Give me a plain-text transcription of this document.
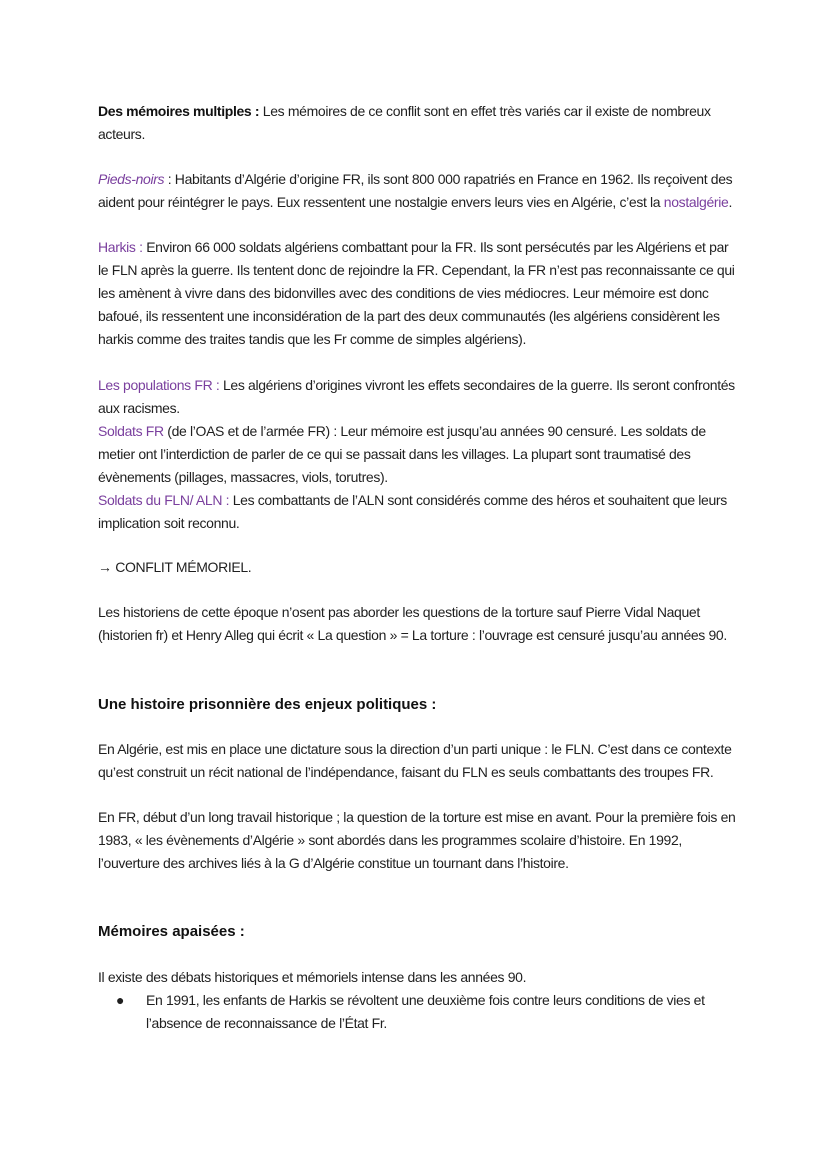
Des mémoires multiples : Les mémoires de ce conflit sont en effet très variés car il existe de nombreux acteurs.

Pieds-noirs : Habitants d’Algérie d’origine FR, ils sont 800 000 rapatriés en France en 1962. Ils reçoivent des aident pour réintégrer le pays. Eux ressentent une nostalgie envers leurs vies en Algérie, c’est la nostalgérie.

Harkis : Environ 66 000 soldats algériens combattant pour la FR. Ils sont persécutés par les Algériens et par le FLN après la guerre. Ils tentent donc de rejoindre la FR. Cependant, la FR n’est pas reconnaissante ce qui les amènent à vivre dans des bidonvilles avec des conditions de vies médiocres. Leur mémoire est donc bafoué, ils ressentent une inconsidération de la part des deux communautés (les algériens considèrent les harkis comme des traites tandis que les Fr comme de simples algériens).

Les populations FR : Les algériens d’origines vivront les effets secondaires de la guerre. Ils seront confrontés aux racismes.

Soldats FR (de l’OAS et de l’armée FR) : Leur mémoire est jusqu’au années 90 censuré. Les soldats de metier ont l’interdiction de parler de ce qui se passait dans les villages. La plupart sont traumatisé des évènements (pillages, massacres, viols, torutres).

Soldats du FLN/ ALN : Les combattants de l’ALN sont considérés comme des héros et souhaitent que leurs implication soit reconnu.

→ CONFLIT MÉMORIEL.

Les historiens de cette époque n’osent pas aborder les questions de la torture sauf Pierre Vidal Naquet (historien fr) et Henry Alleg qui écrit « La question » = La torture : l’ouvrage est censuré jusqu’au années 90.

Une histoire prisonnière des enjeux politiques :

En Algérie, est mis en place une dictature sous la direction d’un parti unique : le FLN. C’est dans ce contexte qu’est construit un récit national de l’indépendance, faisant du FLN es seuls combattants des troupes FR.

En FR, début d’un long travail historique ; la question de la torture est mise en avant. Pour la première fois en 1983, « les évènements d’Algérie » sont abordés dans les programmes scolaire d’histoire. En 1992, l’ouverture des archives liés à la G d’Algérie constitue un tournant dans l’histoire.

Mémoires apaisées :

Il existe des débats historiques et mémoriels intense dans les années 90.

● En 1991, les enfants de Harkis se révoltent une deuxième fois contre leurs conditions de vies et l’absence de reconnaissance de l’État Fr.
